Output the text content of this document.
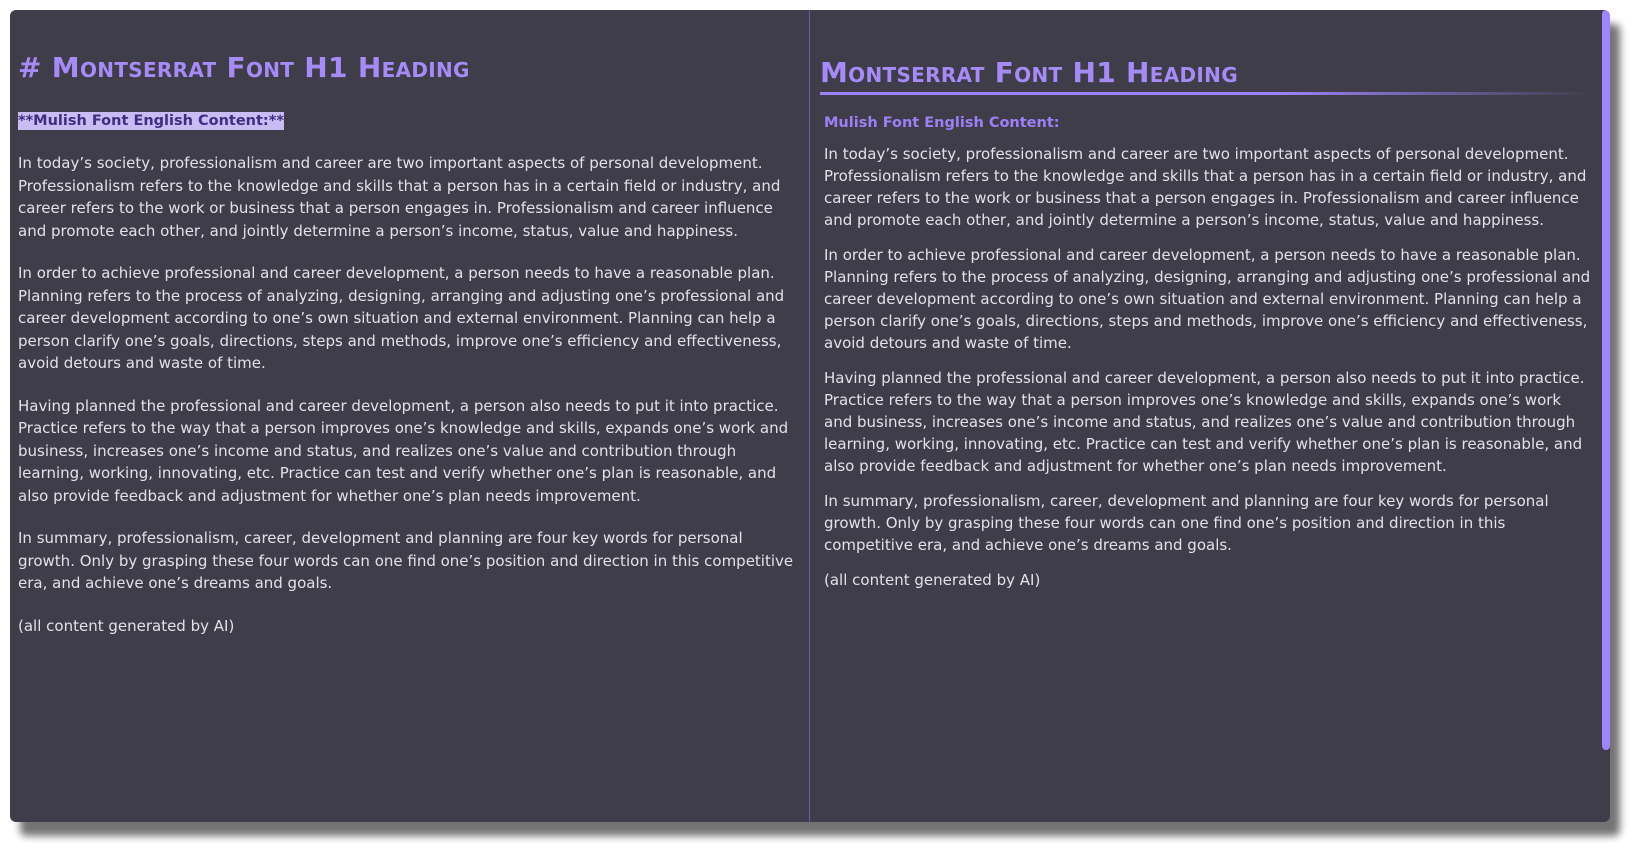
# Montserrat Font H1 Heading
**Mulish Font English Content:**

In today’s society, professionalism and career are two important aspects of personal development. Professionalism refers to the knowledge and skills that a person has in a certain field or industry, and career refers to the work or business that a person engages in. Professionalism and career influence and promote each other, and jointly determine a person’s income, status, value and happiness.

In order to achieve professional and career development, a person needs to have a reasonable plan. Planning refers to the process of analyzing, designing, arranging and adjusting one’s professional and career development according to one’s own situation and external environment. Planning can help a person clarify one’s goals, directions, steps and methods, improve one’s efficiency and effectiveness, avoid detours and waste of time.

Having planned the professional and career development, a person also needs to put it into practice. Practice refers to the way that a person improves one’s knowledge and skills, expands one’s work and business, increases one’s income and status, and realizes one’s value and contribution through learning, working, innovating, etc. Practice can test and verify whether one’s plan is reasonable, and also provide feedback and adjustment for whether one’s plan needs improvement.

In summary, professionalism, career, development and planning are four key words for personal growth. Only by grasping these four words can one find one’s position and direction in this competitive era, and achieve one’s dreams and goals.

(all content generated by AI)

Montserrat Font H1 Heading
Mulish Font English Content:

In today’s society, professionalism and career are two important aspects of personal development. Professionalism refers to the knowledge and skills that a person has in a certain field or industry, and career refers to the work or business that a person engages in. Professionalism and career influence and promote each other, and jointly determine a person’s income, status, value and happiness.

In order to achieve professional and career development, a person needs to have a reasonable plan. Planning refers to the process of analyzing, designing, arranging and adjusting one’s professional and career development according to one’s own situation and external environment. Planning can help a person clarify one’s goals, directions, steps and methods, improve one’s efficiency and effectiveness, avoid detours and waste of time.

Having planned the professional and career development, a person also needs to put it into practice. Practice refers to the way that a person improves one’s knowledge and skills, expands one’s work and business, increases one’s income and status, and realizes one’s value and contribution through learning, working, innovating, etc. Practice can test and verify whether one’s plan is reasonable, and also provide feedback and adjustment for whether one’s plan needs improvement.

In summary, professionalism, career, development and planning are four key words for personal growth. Only by grasping these four words can one find one’s position and direction in this competitive era, and achieve one’s dreams and goals.

(all content generated by AI)
